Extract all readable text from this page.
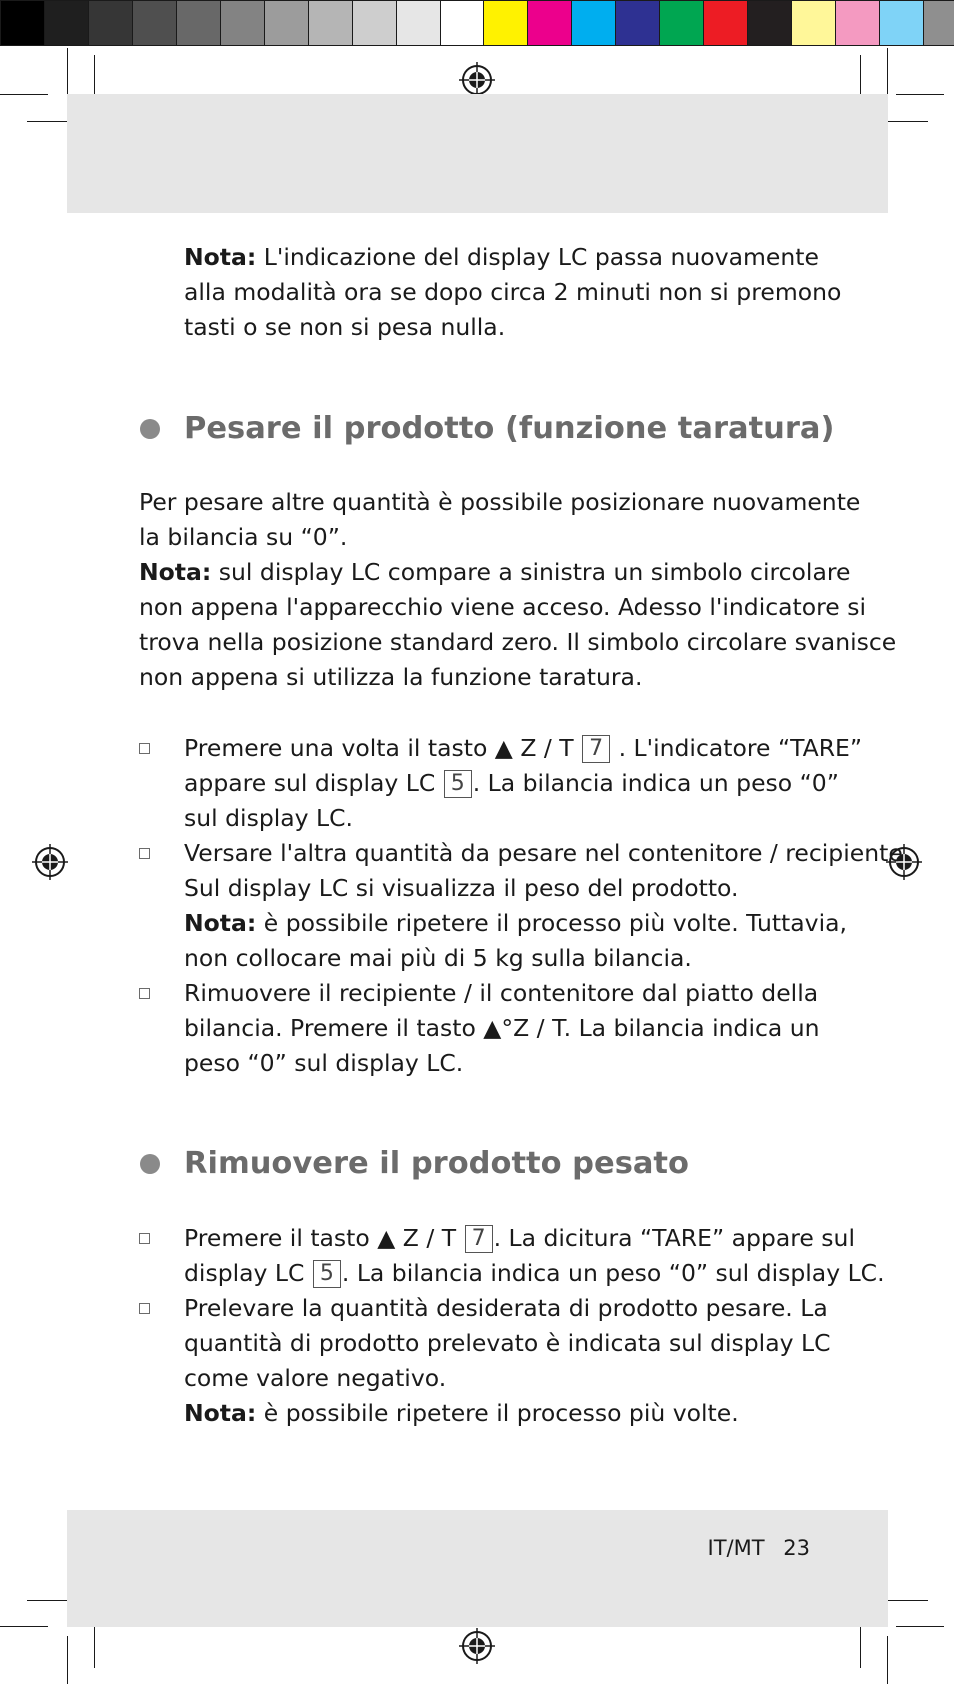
Nota: L'indicazione del display LC passa nuovamente

alla modalità ora se dopo circa 2 minuti non si premono

tasti o se non si pesa nulla.

Pesare il prodotto (funzione taratura)

Per pesare altre quantità è possibile posizionare nuovamente

la bilancia su “0”.

Nota: sul display LC compare a sinistra un simbolo circolare

non appena l'apparecchio viene acceso. Adesso l'indicatore si

trova nella posizione standard zero. Il simbolo circolare svanisce

non appena si utilizza la funzione taratura.

Premere una volta il tasto ▲ Z / T 7 . L'indicatore “TARE”

appare sul display LC 5 . La bilancia indica un peso “0”

sul display LC.

Versare l'altra quantità da pesare nel contenitore / recipiente.

Sul display LC si visualizza il peso del prodotto.

Nota: è possibile ripetere il processo più volte. Tuttavia,

non collocare mai più di 5 kg sulla bilancia.

Rimuovere il recipiente / il contenitore dal piatto della

bilancia. Premere il tasto ▲°Z / T. La bilancia indica un

peso “0” sul display LC.

Rimuovere il prodotto pesato

Premere il tasto ▲ Z / T 7 . La dicitura “TARE” appare sul

display LC 5 . La bilancia indica un peso “0” sul display LC.

Prelevare la quantità desiderata di prodotto pesare. La

quantità di prodotto prelevato è indicata sul display LC

come valore negativo.

Nota: è possibile ripetere il processo più volte.

IT/MT 23
